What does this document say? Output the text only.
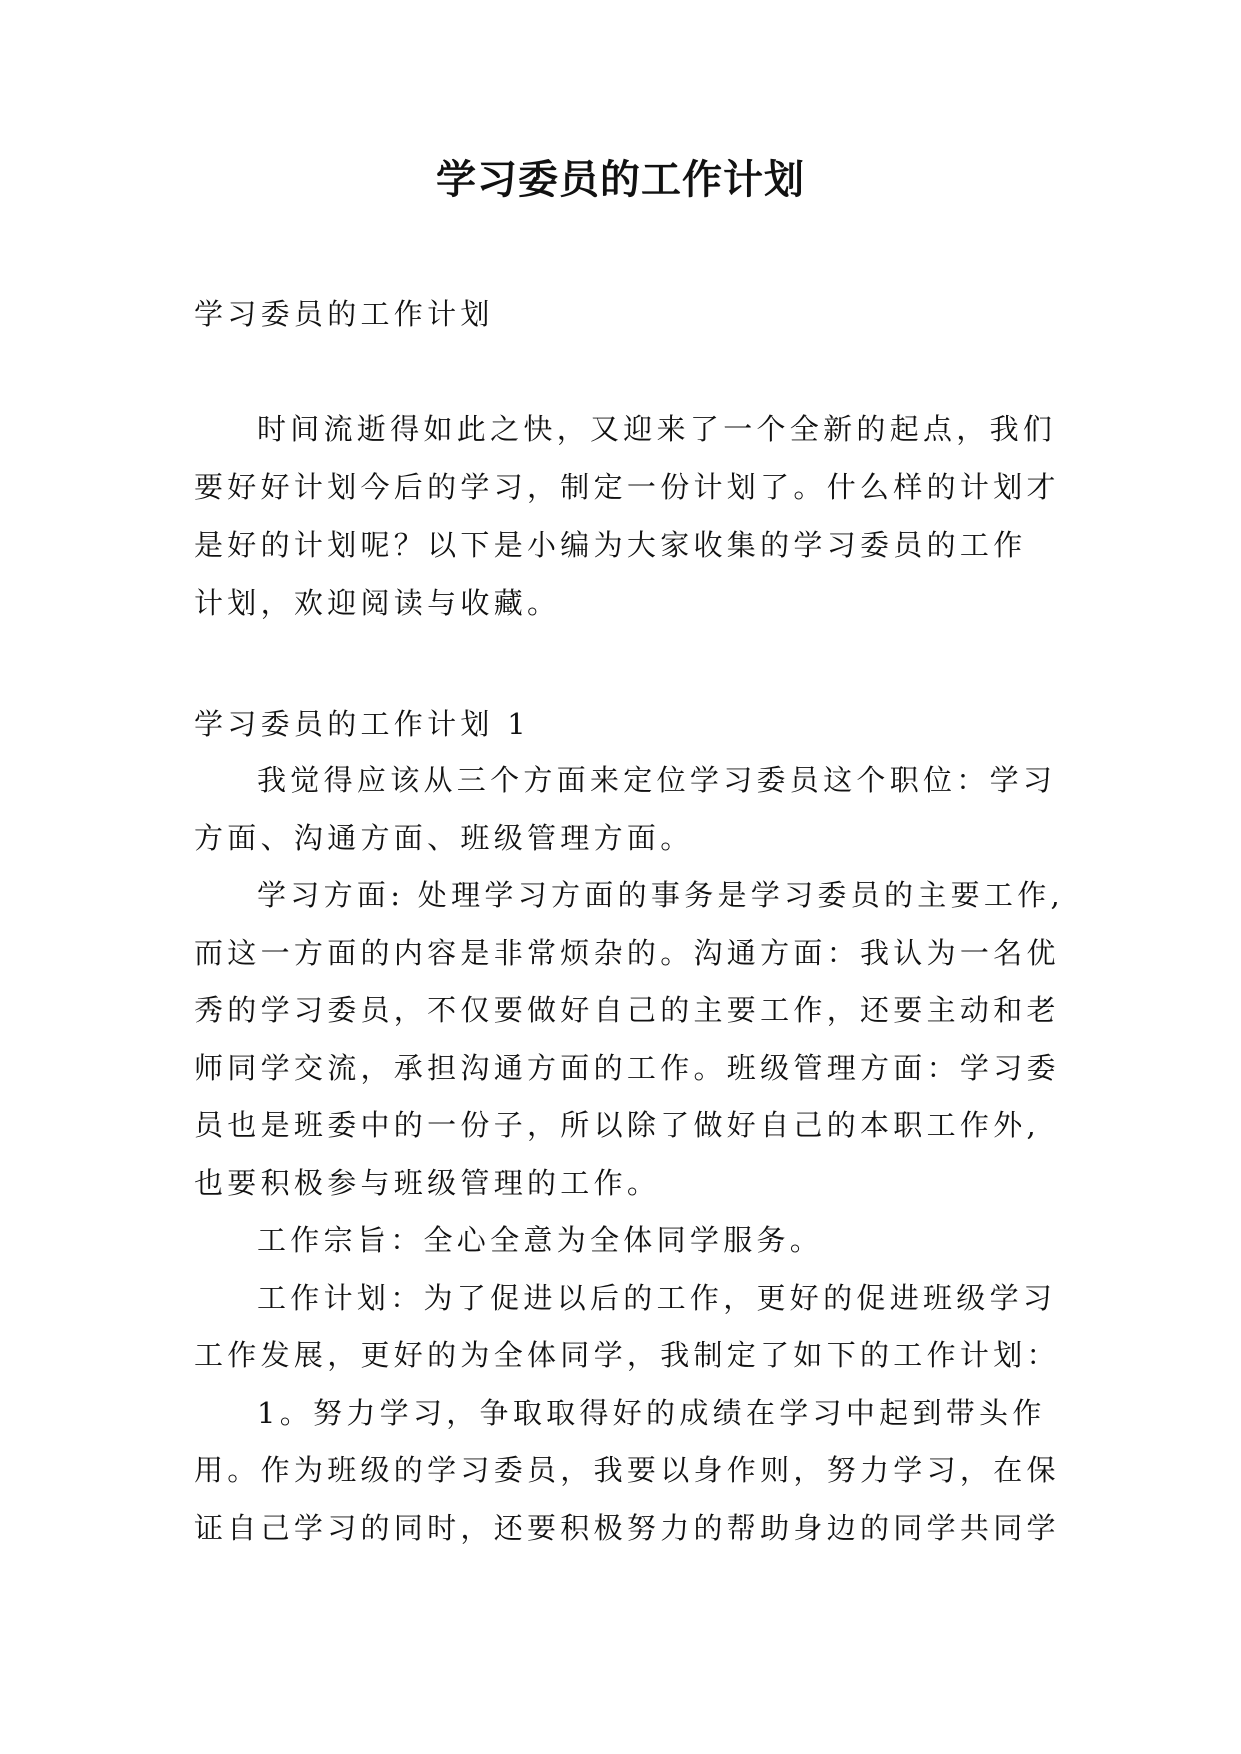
学习委员的工作计划
学习委员的工作计划
时间流逝得如此之快，又迎来了一个全新的起点，我们
要好好计划今后的学习，制定一份计划了。什么样的计划才
是好的计划呢？以下是小编为大家收集的学习委员的工作
计划，欢迎阅读与收藏。
学习委员的工作计划 1
我觉得应该从三个方面来定位学习委员这个职位：学习
方面、沟通方面、班级管理方面。
学习方面: 处理学习方面的事务是学习委员的主要工作,
而这一方面的内容是非常烦杂的。沟通方面：我认为一名优
秀的学习委员，不仅要做好自己的主要工作，还要主动和老
师同学交流，承担沟通方面的工作。班级管理方面：学习委
员也是班委中的一份子，所以除了做好自己的本职工作外,
也要积极参与班级管理的工作。
工作宗旨：全心全意为全体同学服务。
工作计划：为了促进以后的工作，更好的促进班级学习
工作发展，更好的为全体同学，我制定了如下的工作计划：
1。努力学习，争取取得好的成绩在学习中起到带头作
用。作为班级的学习委员，我要以身作则，努力学习，在保
证自己学习的同时，还要积极努力的帮助身边的同学共同学
